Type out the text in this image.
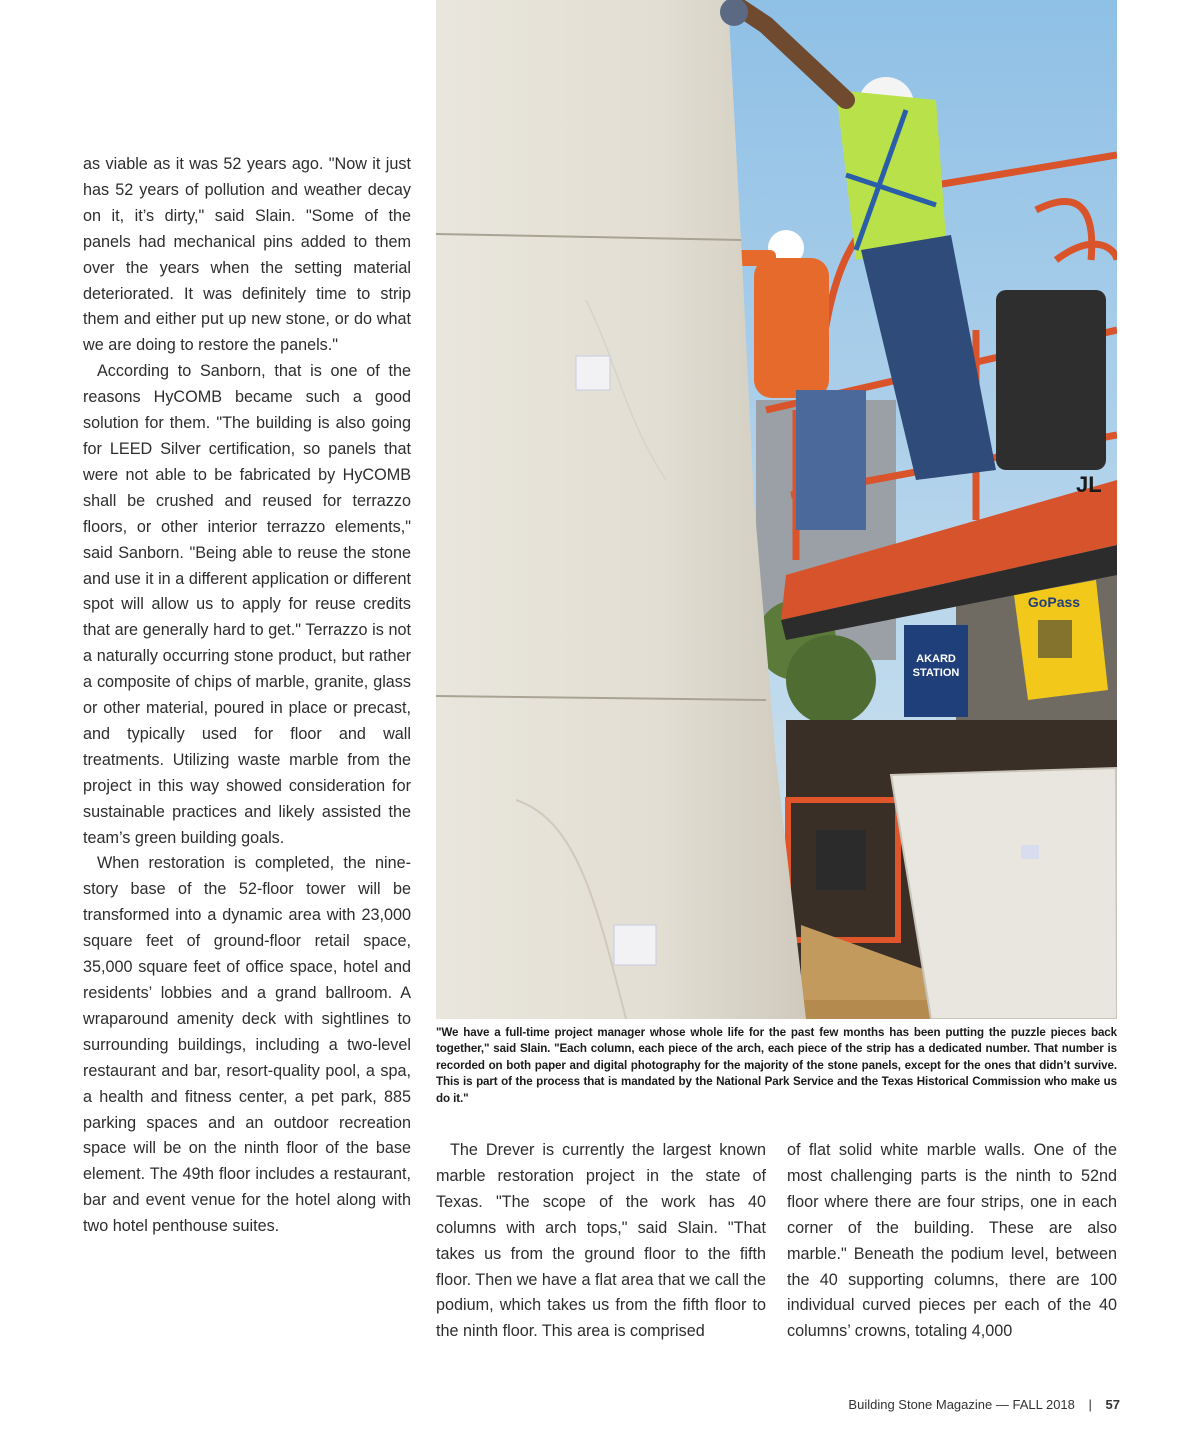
as viable as it was 52 years ago. "Now it just has 52 years of pollution and weather decay on it, it’s dirty," said Slain. "Some of the panels had mechanical pins added to them over the years when the setting material deteriorated. It was definitely time to strip them and either put up new stone, or do what we are doing to restore the panels."

According to Sanborn, that is one of the reasons HyCOMB became such a good solution for them. "The building is also going for LEED Silver certification, so panels that were not able to be fabricated by HyCOMB shall be crushed and reused for terrazzo floors, or other interior terrazzo elements," said Sanborn. "Being able to reuse the stone and use it in a different application or different spot will allow us to apply for reuse credits that are generally hard to get." Terrazzo is not a naturally occurring stone product, but rather a composite of chips of marble, granite, glass or other material, poured in place or precast, and typically used for floor and wall treatments. Utilizing waste marble from the project in this way showed consideration for sustainable practices and likely assisted the team’s green building goals.

When restoration is completed, the nine-story base of the 52-floor tower will be transformed into a dynamic area with 23,000 square feet of ground-floor retail space, 35,000 square feet of office space, hotel and residents’ lobbies and a grand ballroom. A wraparound amenity deck with sightlines to surrounding buildings, including a two-level restaurant and bar, resort-quality pool, a spa, a health and fitness center, a pet park, 885 parking spaces and an outdoor recreation space will be on the ninth floor of the base element. The 49th floor includes a restaurant, bar and event venue for the hotel along with two hotel penthouse suites.

AKARD
STATION
GoPass
JL
"We have a full-time project manager whose whole life for the past few months has been putting the puzzle pieces back together," said Slain. "Each column, each piece of the arch, each piece of the strip has a dedicated number. That number is recorded on both paper and digital photography for the majority of the stone panels, except for the ones that didn’t survive. This is part of the process that is mandated by the National Park Service and the Texas Historical Commission who make us do it."

The Drever is currently the largest known marble restoration project in the state of Texas. "The scope of the work has 40 columns with arch tops," said Slain. "That takes us from the ground floor to the fifth floor. Then we have a flat area that we call the podium, which takes us from the fifth floor to the ninth floor. This area is comprised

of flat solid white marble walls. One of the most challenging parts is the ninth to 52nd floor where there are four strips, one in each corner of the building. These are also marble." Beneath the podium level, between the 40 supporting columns, there are 100 individual curved pieces per each of the 40 columns’ crowns, totaling 4,000

Building Stone Magazine — FALL 2018 | 57
